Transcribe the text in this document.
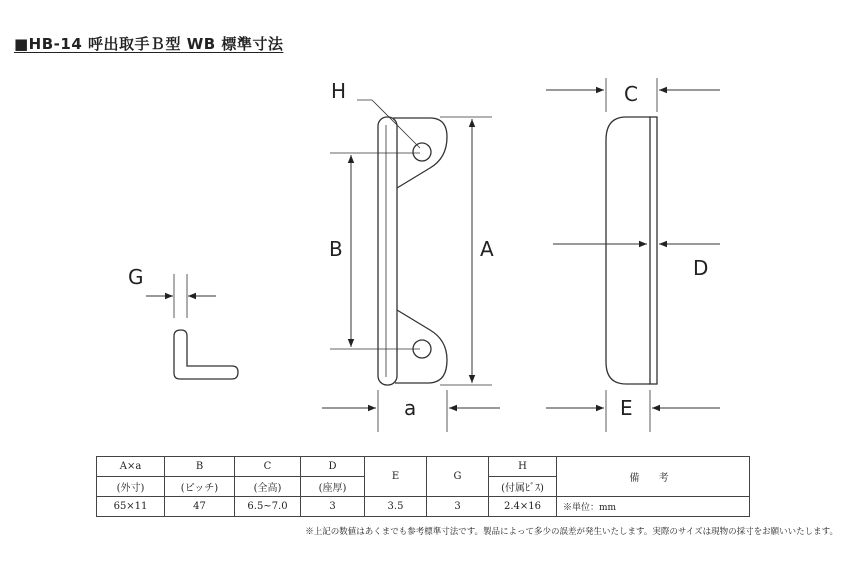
■HB-14 呼出取手Ｂ型 WB 標準寸法
G
H
B	A
a
C
D
E
A×a	B	C	D	E	G	H	備 考
(外寸)	(ピッチ)	(全高)	(座厚)			(付属ﾋﾞｽ)	
65×11	47	6.5~7.0	3	3.5	3	2.4×16	※単位：mm
※上記の数値はあくまでも参考標準寸法です。製品によって多少の誤差が発生いたします。実際のサイズは現物の採寸をお願いいたします。
